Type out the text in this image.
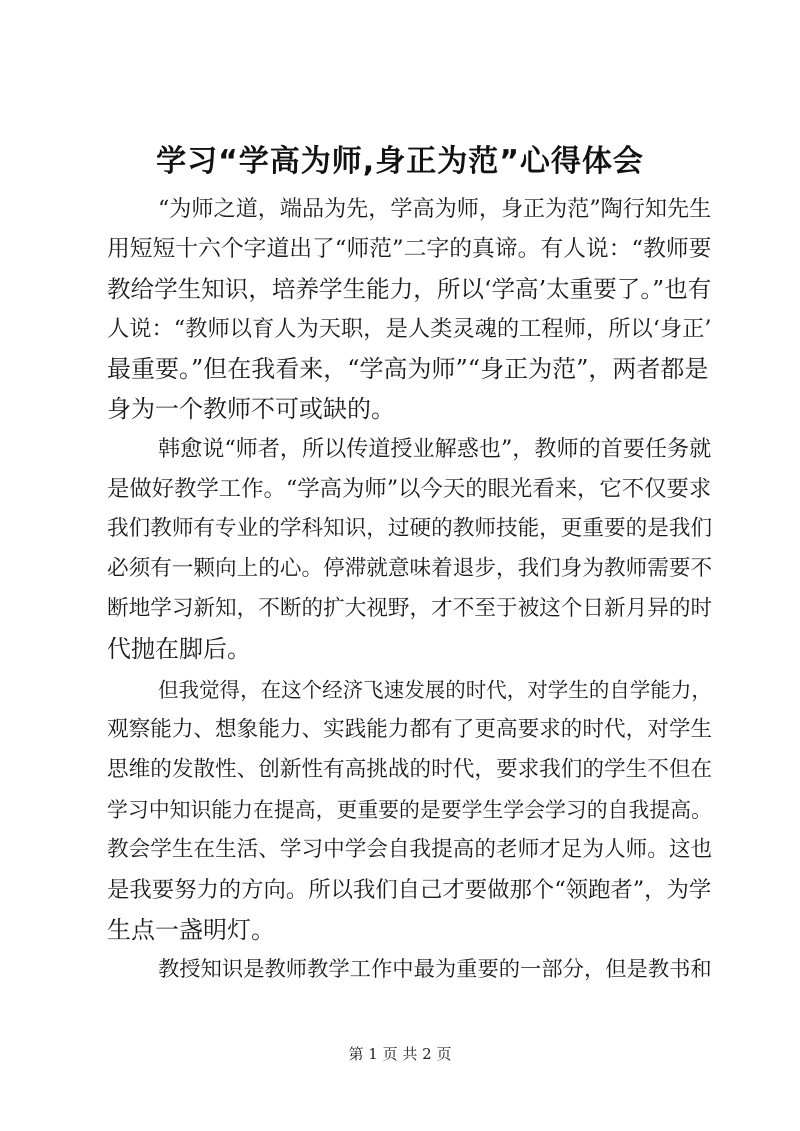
学习“学高为师,身正为范”心得体会
“为师之道，端品为先，学高为师，身正为范”陶行知先生
用短短十六个字道出了“师范”二字的真谛。有人说：“教师要
教给学生知识，培养学生能力，所以‘学高’太重要了。”也有
人说：“教师以育人为天职，是人类灵魂的工程师，所以‘身正’
最重要。”但在我看来，“学高为师”“身正为范”，两者都是
身为一个教师不可或缺的。
韩愈说“师者，所以传道授业解惑也”，教师的首要任务就
是做好教学工作。“学高为师”以今天的眼光看来，它不仅要求
我们教师有专业的学科知识，过硬的教师技能，更重要的是我们
必须有一颗向上的心。停滞就意味着退步，我们身为教师需要不
断地学习新知，不断的扩大视野，才不至于被这个日新月异的时
代抛在脚后。
但我觉得，在这个经济飞速发展的时代，对学生的自学能力，
观察能力、想象能力、实践能力都有了更高要求的时代，对学生
思维的发散性、创新性有高挑战的时代，要求我们的学生不但在
学习中知识能力在提高，更重要的是要学生学会学习的自我提高。
教会学生在生活、学习中学会自我提高的老师才足为人师。这也
是我要努力的方向。所以我们自己才要做那个“领跑者”，为学
生点一盏明灯。
教授知识是教师教学工作中最为重要的一部分，但是教书和
第 1 页 共 2 页
